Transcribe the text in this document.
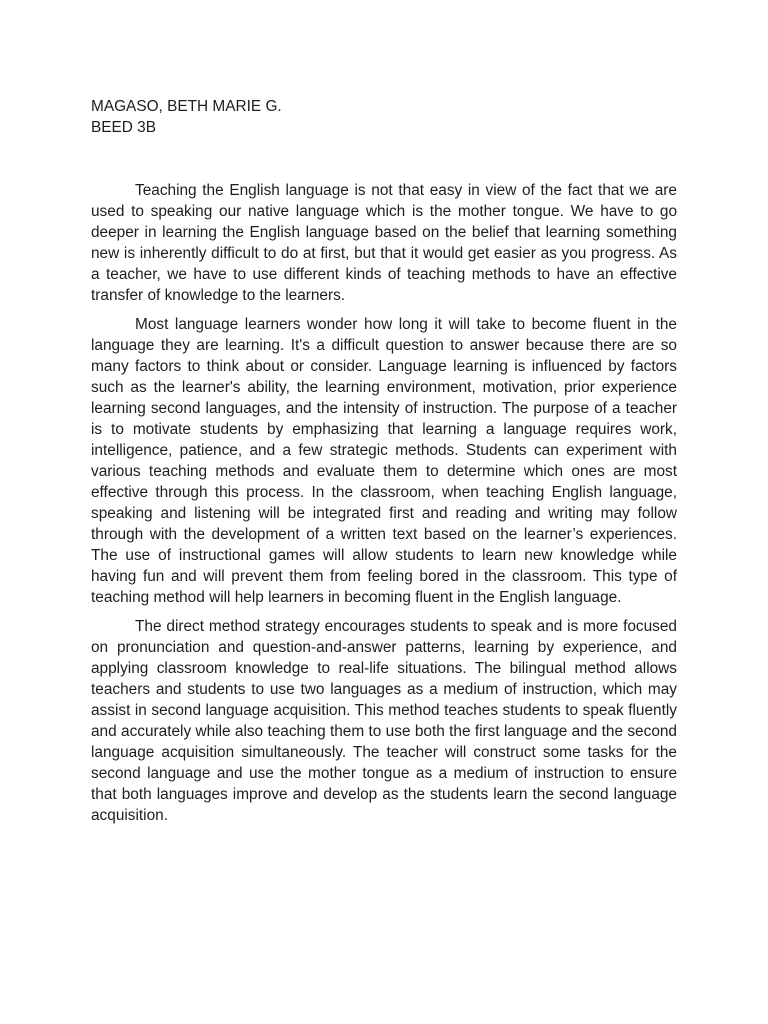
MAGASO, BETH MARIE G.

BEED 3B

Teaching the English language is not that easy in view of the fact that we are used to speaking our native language which is the mother tongue. We have to go deeper in learning the English language based on the belief that learning something new is inherently difficult to do at first, but that it would get easier as you progress. As a teacher, we have to use different kinds of teaching methods to have an effective transfer of knowledge to the learners.

Most language learners wonder how long it will take to become fluent in the language they are learning. It's a difficult question to answer because there are so many factors to think about or consider. Language learning is influenced by factors such as the learner's ability, the learning environment, motivation, prior experience learning second languages, and the intensity of instruction. The purpose of a teacher is to motivate students by emphasizing that learning a language requires work, intelligence, patience, and a few strategic methods. Students can experiment with various teaching methods and evaluate them to determine which ones are most effective through this process. In the classroom, when teaching English language, speaking and listening will be integrated first and reading and writing may follow through with the development of a written text based on the learner’s experiences. The use of instructional games will allow students to learn new knowledge while having fun and will prevent them from feeling bored in the classroom. This type of teaching method will help learners in becoming fluent in the English language.

The direct method strategy encourages students to speak and is more focused on pronunciation and question-and-answer patterns, learning by experience, and applying classroom knowledge to real-life situations. The bilingual method allows teachers and students to use two languages as a medium of instruction, which may assist in second language acquisition. This method teaches students to speak fluently and accurately while also teaching them to use both the first language and the second language acquisition simultaneously. The teacher will construct some tasks for the second language and use the mother tongue as a medium of instruction to ensure that both languages improve and develop as the students learn the second language acquisition.
